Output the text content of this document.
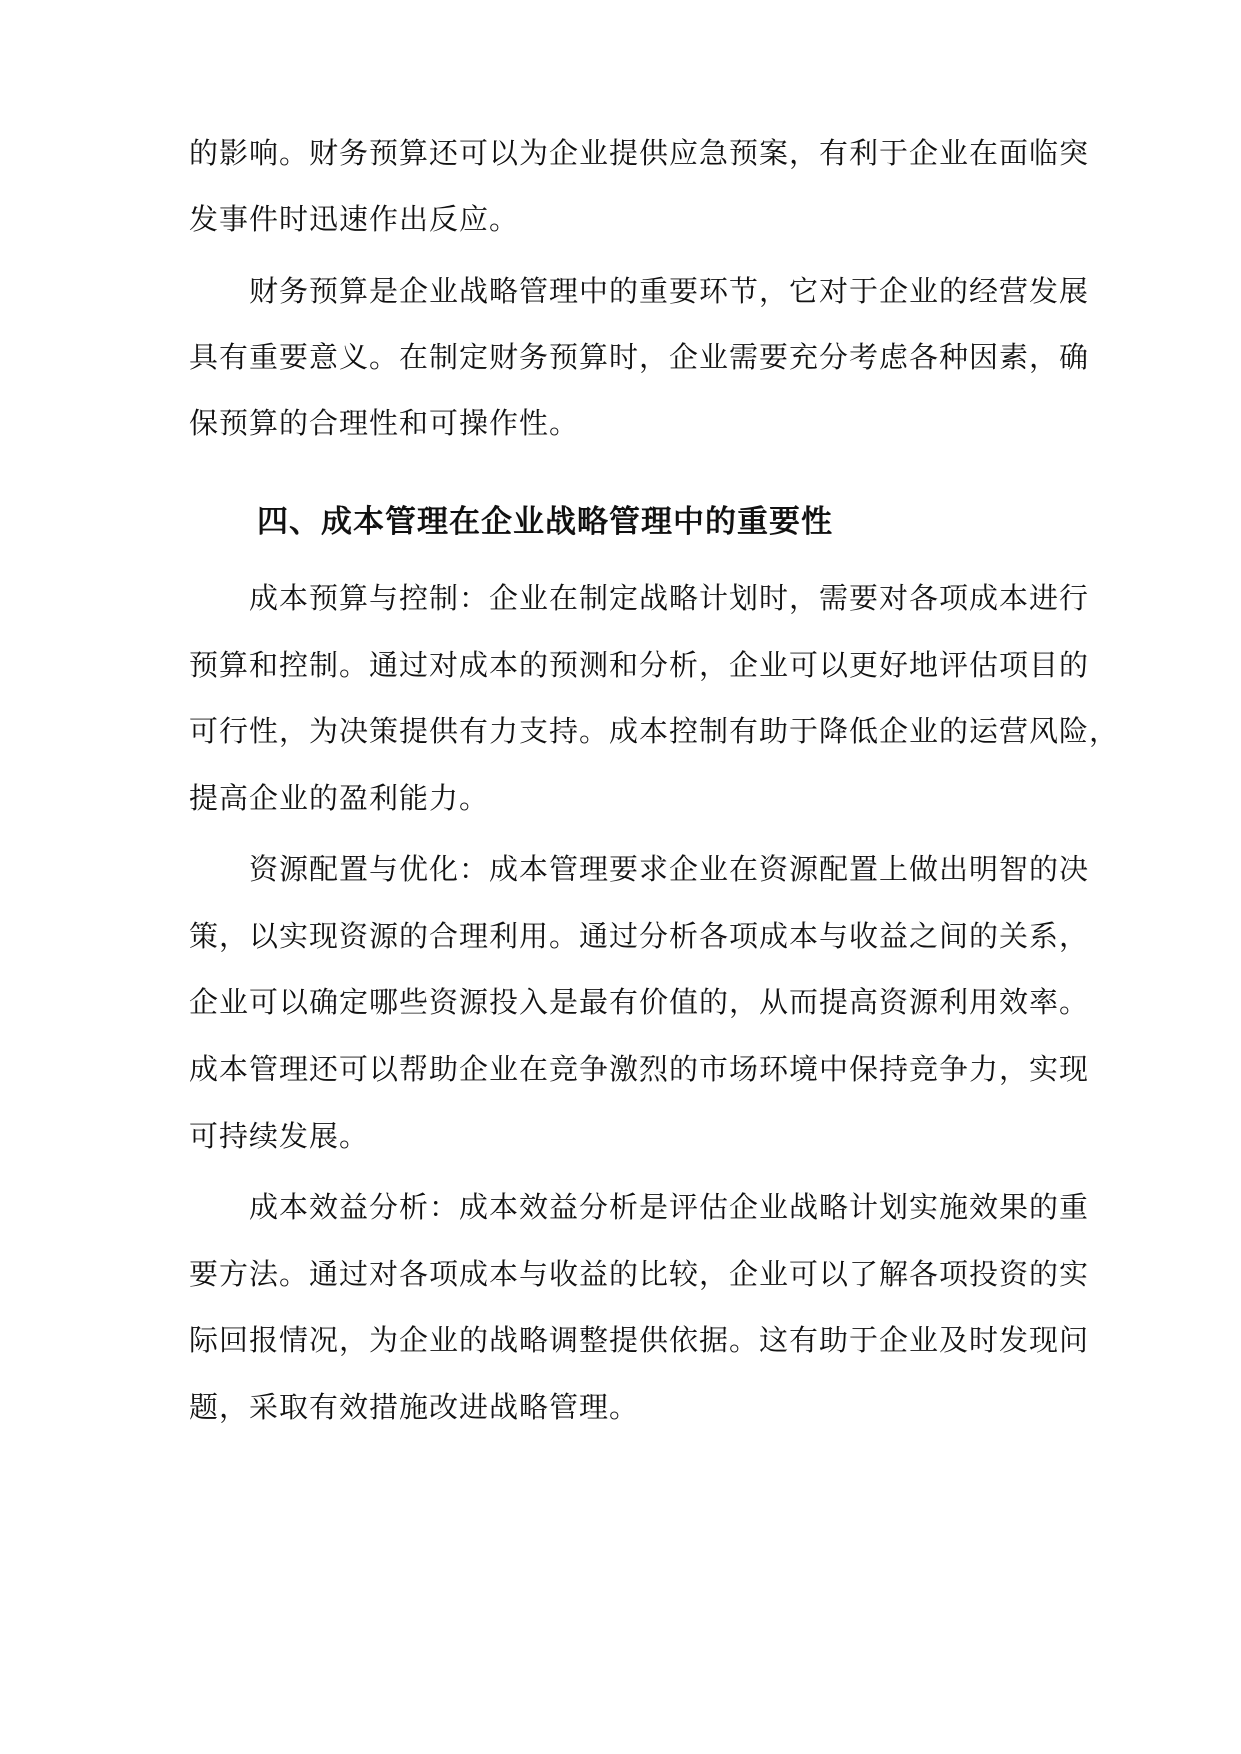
的影响。财务预算还可以为企业提供应急预案，有利于企业在面临突
发事件时迅速作出反应。
　　财务预算是企业战略管理中的重要环节，它对于企业的经营发展
具有重要意义。在制定财务预算时，企业需要充分考虑各种因素，确
保预算的合理性和可操作性。
四、成本管理在企业战略管理中的重要性
　　成本预算与控制：企业在制定战略计划时，需要对各项成本进行
预算和控制。通过对成本的预测和分析，企业可以更好地评估项目的
可行性，为决策提供有力支持。成本控制有助于降低企业的运营风险，
提高企业的盈利能力。
　　资源配置与优化：成本管理要求企业在资源配置上做出明智的决
策，以实现资源的合理利用。通过分析各项成本与收益之间的关系，
企业可以确定哪些资源投入是最有价值的，从而提高资源利用效率。
成本管理还可以帮助企业在竞争激烈的市场环境中保持竞争力，实现
可持续发展。
　　成本效益分析：成本效益分析是评估企业战略计划实施效果的重
要方法。通过对各项成本与收益的比较，企业可以了解各项投资的实
际回报情况，为企业的战略调整提供依据。这有助于企业及时发现问
题，采取有效措施改进战略管理。
